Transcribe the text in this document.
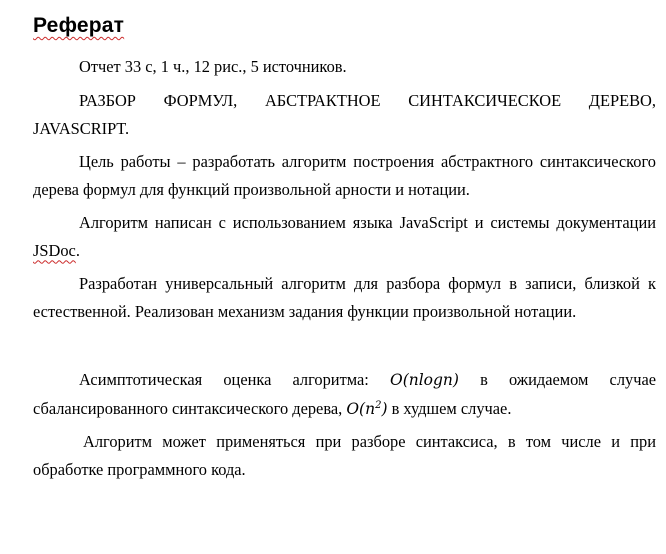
Реферат

Отчет 33 с, 1 ч., 12 рис., 5 источников.

РАЗБОР ФОРМУЛ, АБСТРАКТНОЕ СИНТАКСИЧЕСКОЕ ДЕРЕВО, JAVASCRIPT.

Цель работы – разработать алгоритм построения абстрактного синтаксического дерева формул для функций произвольной арности и нотации.

Алгоритм написан с использованием языка JavaScript и системы документации JSDoc.

Разработан универсальный алгоритм для разбора формул в записи, близкой к естественной. Реализован механизм задания функции произвольной нотации.

Асимптотическая оценка алгоритма: O(nlogn) в ожидаемом случае сбалансированного синтаксического дерева, $O(n^2)$ в худшем случае.

Алгоритм может применяться при разборе синтаксиса, в том числе и при обработке программного кода.
